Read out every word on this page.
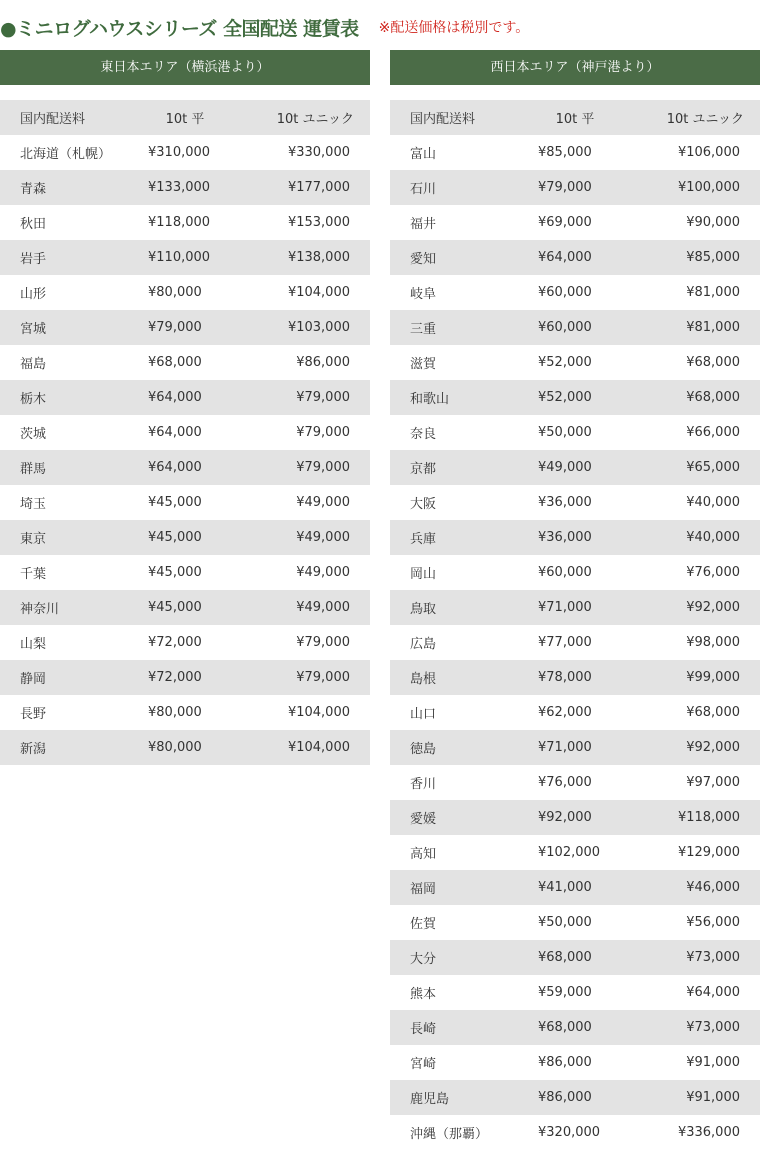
●ミニログハウスシリーズ 全国配送 運賃表 ※配送価格は税別です。
東日本エリア（横浜港より）
国内配送料	10t 平	10t ユニック
北海道（札幌）	¥310,000	¥330,000
青森	¥133,000	¥177,000
秋田	¥118,000	¥153,000
岩手	¥110,000	¥138,000
山形	¥80,000	¥104,000
宮城	¥79,000	¥103,000
福島	¥68,000	¥86,000
栃木	¥64,000	¥79,000
茨城	¥64,000	¥79,000
群馬	¥64,000	¥79,000
埼玉	¥45,000	¥49,000
東京	¥45,000	¥49,000
千葉	¥45,000	¥49,000
神奈川	¥45,000	¥49,000
山梨	¥72,000	¥79,000
静岡	¥72,000	¥79,000
長野	¥80,000	¥104,000
新潟	¥80,000	¥104,000
西日本エリア（神戸港より）
国内配送料	10t 平	10t ユニック
富山	¥85,000	¥106,000
石川	¥79,000	¥100,000
福井	¥69,000	¥90,000
愛知	¥64,000	¥85,000
岐阜	¥60,000	¥81,000
三重	¥60,000	¥81,000
滋賀	¥52,000	¥68,000
和歌山	¥52,000	¥68,000
奈良	¥50,000	¥66,000
京都	¥49,000	¥65,000
大阪	¥36,000	¥40,000
兵庫	¥36,000	¥40,000
岡山	¥60,000	¥76,000
鳥取	¥71,000	¥92,000
広島	¥77,000	¥98,000
島根	¥78,000	¥99,000
山口	¥62,000	¥68,000
徳島	¥71,000	¥92,000
香川	¥76,000	¥97,000
愛媛	¥92,000	¥118,000
高知	¥102,000	¥129,000
福岡	¥41,000	¥46,000
佐賀	¥50,000	¥56,000
大分	¥68,000	¥73,000
熊本	¥59,000	¥64,000
長崎	¥68,000	¥73,000
宮崎	¥86,000	¥91,000
鹿児島	¥86,000	¥91,000
沖縄（那覇）	¥320,000	¥336,000
